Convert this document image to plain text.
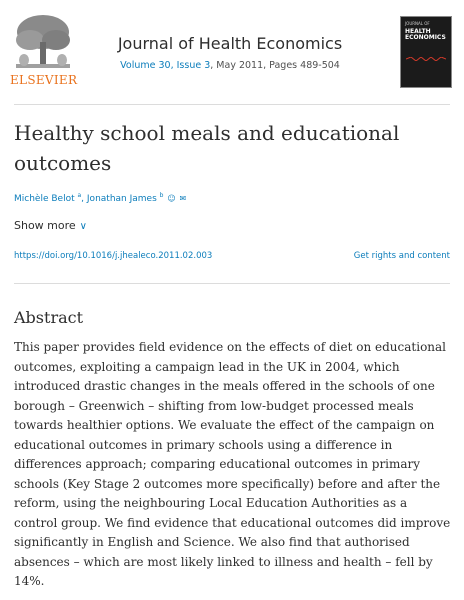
ELSEVIER
Journal of Health Economics
Volume 30, Issue 3, May 2011, Pages 489-504
JOURNAL OF
HEALTH ECONOMICS
Healthy school meals and educational outcomes
Michèle Belot $^a$, Jonathan James $^b$ ☺ ✉
Show more ∨
https://doi.org/10.1016/j.jhealeco.2011.02.003	Get rights and content
Abstract
This paper provides field evidence on the effects of diet on educational outcomes, exploiting a campaign lead in the UK in 2004, which introduced drastic changes in the meals offered in the schools of one borough – Greenwich – shifting from low-budget processed meals towards healthier options. We evaluate the effect of the campaign on educational outcomes in primary schools using a difference in differences approach; comparing educational outcomes in primary schools (Key Stage 2 outcomes more specifically) before and after the reform, using the neighbouring Local Education Authorities as a control group. We find evidence that educational outcomes did improve significantly in English and Science. We also find that authorised absences – which are most likely linked to illness and health – fell by 14%.
